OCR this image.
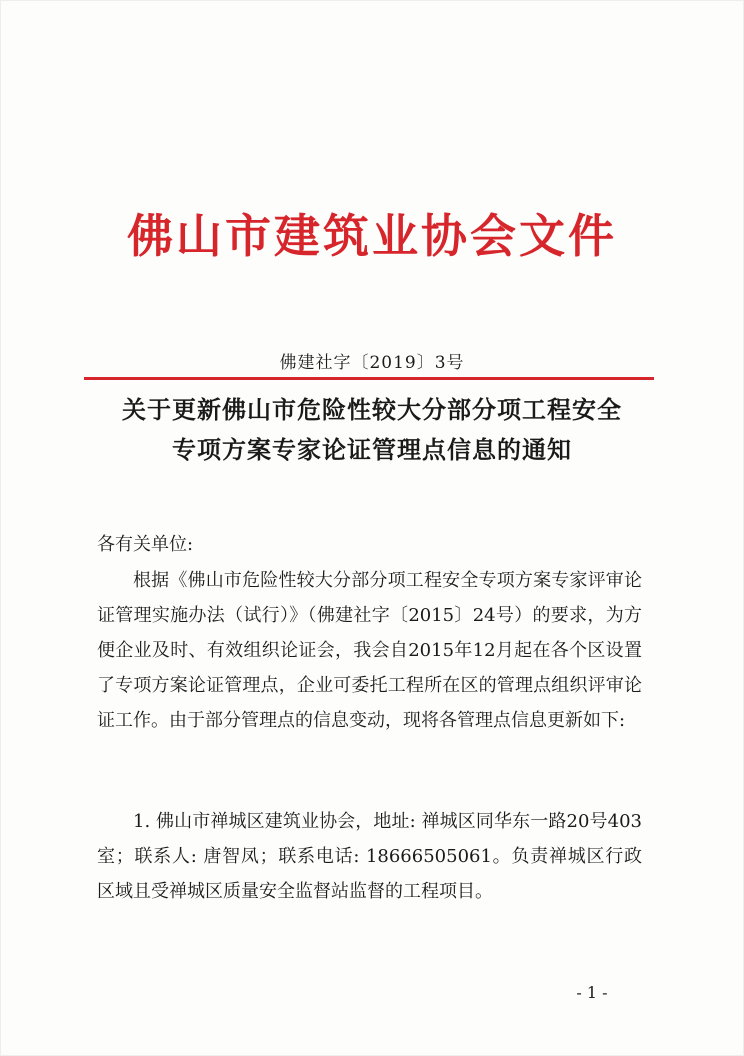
佛山市建筑业协会文件
佛建社字〔2019〕3号
关于更新佛山市危险性较大分部分项工程安全
专项方案专家论证管理点信息的通知
各有关单位:
根据《佛山市危险性较大分部分项工程安全专项方案专家评审论证管理实施办法（试行）》（佛建社字〔2015〕24号）的要求，为方便企业及时、有效组织论证会，我会自2015年12月起在各个区设置了专项方案论证管理点，企业可委托工程所在区的管理点组织评审论证工作。由于部分管理点的信息变动，现将各管理点信息更新如下:
1. 佛山市禅城区建筑业协会，地址: 禅城区同华东一路20号403室；联系人: 唐智凤；联系电话: 18666505061。负责禅城区行政区域且受禅城区质量安全监督站监督的工程项目。
- 1 -
